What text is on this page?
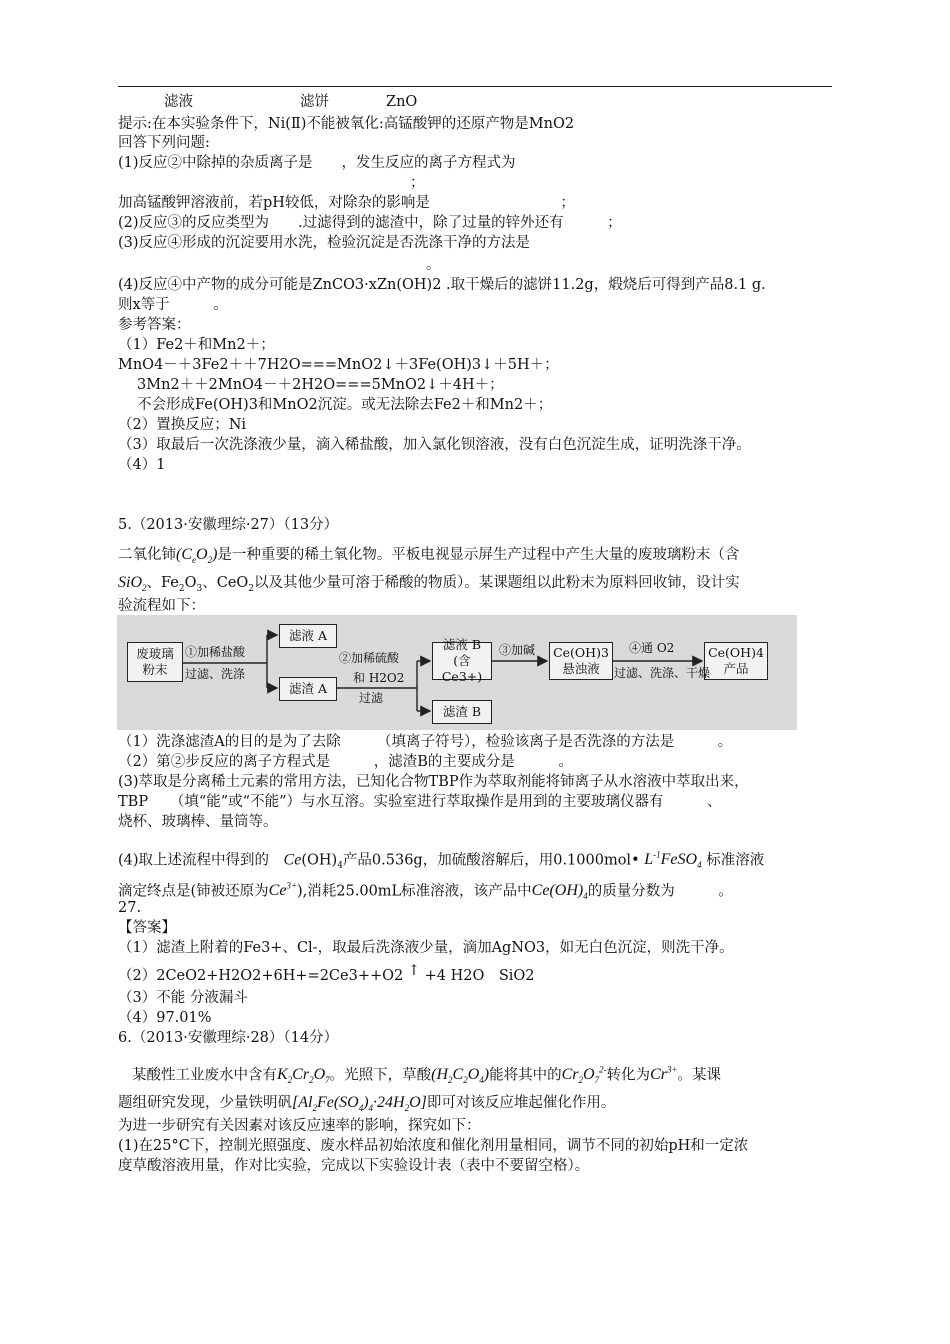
滤液	滤饼	ZnO
提示:在本实验条件下，Ni(Ⅱ)不能被氧化:高锰酸钾的还原产物是MnO2
回答下列问题:
(1)反应②中除掉的杂质离子是　　，发生反应的离子方程式为
；
加高锰酸钾溶液前，若pH较低，对除杂的影响是　　　　　　　　　；
(2)反应③的反应类型为　　.过滤得到的滤渣中，除了过量的锌外还有　　　；
(3)反应④形成的沉淀要用水洗，检验沉淀是否洗涤干净的方法是
。
(4)反应④中产物的成分可能是ZnCO3·xZn(OH)2 .取干燥后的滤饼11.2g，煅烧后可得到产品8.1 g.
则x等于　　　。
参考答案：
（1）Fe2＋和Mn2＋；
MnO4－＋3Fe2＋＋7H2O===MnO2↓＋3Fe(OH)3↓＋5H＋；
3Mn2＋＋2MnO4－＋2H2O===5MnO2↓＋4H＋；
不会形成Fe(OH)3和MnO2沉淀。或无法除去Fe2＋和Mn2＋；
（2）置换反应；Ni
（3）取最后一次洗涤液少量，滴入稀盐酸，加入氯化钡溶液，没有白色沉淀生成，证明洗涤干净。
（4）1
5.（2013·安徽理综·27）（13分）
二氧化铈$(C_eO_2)$是一种重要的稀土氧化物。平板电视显示屏生产过程中产生大量的废玻璃粉末（含
SiO$_2$、$Fe_2O_3$、CeO$_2$以及其他少量可溶于稀酸的物质）。某课题组以此粉末为原料回收铈，设计实
验流程如下：
废玻璃
粉末
滤液 A
滤渣 A
滤液 B
(含 Ce3+)
滤渣 B
Ce(OH)3
悬浊液
Ce(OH)4
产品
①加稀盐酸
过滤、洗涤
②加稀硫酸
和 H2O2
过滤
③加碱	④通 O2
过滤、洗涤、干燥
（1）洗涤滤渣A的目的是为了去除　　　（填离子符号），检验该离子是否洗涤的方法是　　　。
（2）第②步反应的离子方程式是　　　，滤渣B的主要成分是　　　。
(3)萃取是分离稀土元素的常用方法，已知化合物TBP作为萃取剂能将铈离子从水溶液中萃取出来，
TBP　　（填“能”或“不能”）与水互溶。实验室进行萃取操作是用到的主要玻璃仪器有　　　、
烧杯、玻璃棒、量筒等。
(4)取上述流程中得到的　 $Ce(OH)_4$产品0.536g，加硫酸溶解后，用0.1000mol• $L^{-1}FeSO_4$ 标准溶液
滴定终点是(铈被还原为$Ce^{3+}$),消耗25.00mL标准溶液，该产品中$Ce(OH)_4$的质量分数为　　　。
27.
【答案】
（1）滤渣上附着的Fe3+、Cl-，取最后洗涤液少量，滴加AgNO3，如无白色沉淀，则洗干净。
（2）2CeO2+H2O2+6H+=2Ce3++O2 ↑ +4 H2O　SiO2
（3）不能 分液漏斗
（4）97.01%
6.（2013·安徽理综·28）（14分）
某酸性工业废水中含有$K_2Cr_2O_7$。光照下，草酸$(H_2C_2O_4)$能将其中的$Cr_2O_7^{2-}$转化为$Cr^{3+}$。某课
题组研究发现，少量铁明矾$[Al_2Fe(SO_4)_4\cdot 24H_2O]$即可对该反应堆起催化作用。
为进一步研究有关因素对该反应速率的影响，探究如下：
(1)在25°C下，控制光照强度、废水样品初始浓度和催化剂用量相同，调节不同的初始pH和一定浓
度草酸溶液用量，作对比实验，完成以下实验设计表（表中不要留空格）。
